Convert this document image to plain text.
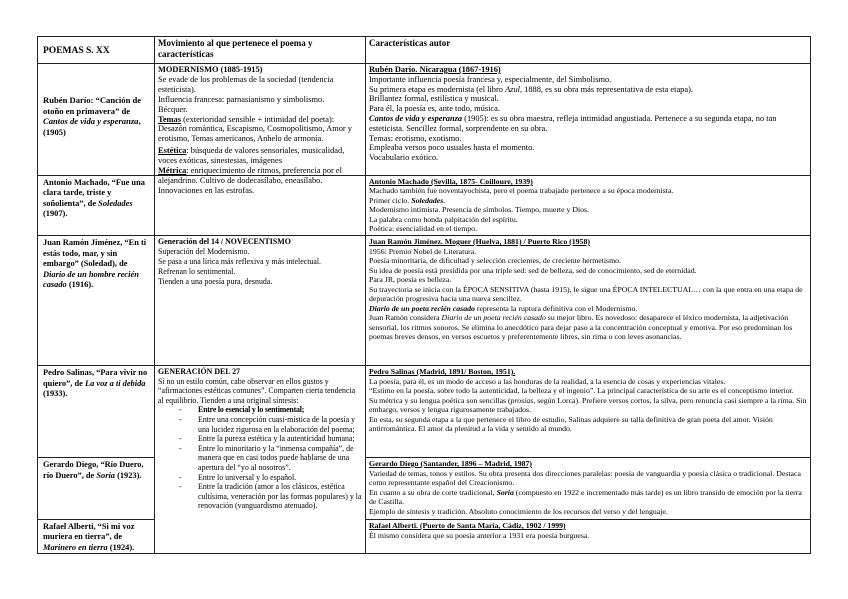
POEMAS S. XX
Movimiento al que pertenece el poema y características
Características autor
Rubén Darío: “Canción de otoño en primavera” de Cantos de vida y esperanza, (1905)
MODERNISMO (1885-1915)
Se evade de los problemas de la sociedad (tendencia esteticista).
Influencia francesa: parnasianismo y simbolismo.
Bécquer.
Temas (exterioridad sensible + intimidad del poeta):
Desazón romántica, Escapismo, Cosmopolitismo, Amor y erotismo, Temas americanos, Anhelo de armonía.
Estética: búsqueda de valores sensoriales, musicalidad, voces exóticas, sinestesias, imágenes
Métrica: enriquecimiento de ritmos, preferencia por el alejandrino. Cultivo de dodecasílabo, eneasílabo. Innovaciones en las estrofas.
Rubén Darío. Nicaragua (1867-1916)
Importante influencia poesía francesa y, especialmente, del Simbolismo.
Su primera etapa es modernista (el libro Azul, 1888, es su obra más representativa de esta etapa).
Brillantez formal, estilística y musical.
Para él, la poesía es, ante todo, música.
Cantos de vida y esperanza (1905): es su obra maestra, refleja intimidad angustiada. Pertenece a su segunda etapa, no tan esteticista. Sencillez formal, sorprendente en su obra.
Temas: erotismo, exotismo.
Empleaba versos poco usuales hasta el momento.
Vocabulario exótico.
Antonio Machado, “Fue una clara tarde, triste y soñolienta”, de Soledades (1907).
Antonio Machado (Sevilla, 1875- Coilloure, 1939)
Machado también fue noventayochista, pero el poema trabajado pertenece a su época modernista.
Primer ciclo. Soledades.
Modernismo intimista. Presencia de símbolos. Tiempo, muerte y Dios.
La palabra como honda palpitación del espíritu.
Poética: esencialidad en el tiempo.
Juan Ramón Jiménez, “En ti estás todo, mar, y sin embargo” (Soledad), de Diario de un hombre recién casado (1916).
Generación del 14 / NOVECENTISMO
Superación del Modernismo.
Se pasa a una lírica más reflexiva y más intelectual.
Refrenan lo sentimental.
Tienden a una poesía pura, desnuda.
Juan Ramón Jiménez. Moguer (Huelva, 1881) / Puerto Rico (1958)
1956: Premio Nobel de Literatura.
Poesía minoritaria, de dificultad y selección crecientes, de creciente hermetismo.
Su idea de poesía está presidida por una triple sed: sed de belleza, sed de conocimiento, sed de eternidad.
Para JR, poesía es belleza.
Su trayectoria se inicia con la ÉPOCA SENSITIVA (hasta 1915), le sigue una ÉPOCA INTELECTUAL… con la que entra en una etapa de depuración progresiva hacia una nueva sencillez.
Diario de un poeta recién casado representa la ruptura definitiva con el Modernismo.
Juan Ramón considera Diario de un poeta recién casado su mejor libro. Es novedoso: desaparece el léxico modernista, la adjetivación sensorial, los ritmos sonoros. Se elimina lo anecdótico para dejar paso a la concentración conceptual y emotiva. Por eso predominan los poemas breves densos, en versos escuetos y preferentemente libres, sin rima o con leves asonancias.
Pedro Salinas, “Para vivir no quiero”, de La voz a ti debida (1933).
GENERACIÓN DEL 27
Sí no un estilo común, cabe observar en ellos gustos y “afirmaciones estéticas comunes”. Comparten cierta tendencia al equilibrio. Tienden a una original síntesis:
- Entre lo esencial y lo sentimental;
- Entre una concepción cuasi-mística de la poesía y una lucidez rigurosa en la elaboración del poema;
- Entre la pureza estética y la autenticidad humana;
- Entre lo minoritario y la “inmensa compañía”, de manera que en casi todos puede hablarse de una apertura del “yo al nosotros”.
- Entre lo universal y lo español.
- Entre la tradición (amor a los clásicos, estética cultísima, veneración por las formas populares) y la renovación (vanguardismo atenuado).
Pedro Salinas (Madrid, 1891/ Boston, 1951).
La poesía, para él, es un modo de acceso a las honduras de la realidad, a la esencia de cosas y experiencias vitales.
“Estimo en la poesía, sobre todo la autenticidad, la belleza y el ingenio”. La principal característica de su arte es el conceptismo interior.
Su métrica y su lengua poética son sencillas (prosías, según Lorca). Prefiere versos cortos, la silva, pero renuncia casi siempre a la rima. Sin embargo, versos y lengua rigurosamente trabajados.
En esta, su segunda etapa a la que pertenece el libro de estudio, Salinas adquiere su talla definitiva de gran poeta del amor. Visión antirromántica. El amor da plenitud a la vida y sentido al mundo.
Gerardo Diego, “Río Duero, río Duero”, de Soria (1923).
Gerardo Diego (Santander, 1896 – Madrid, 1987)
Variedad de temas, tonos y estilos. Su obra presenta dos direcciones paralelas: poesía de vanguardia y poesía clásica o tradicional. Destaca como representante español del Creacionismo.
En cuanto a su obra de corte tradicional, Soria (compuesto en 1922 e incrementado más tarde) es un libro transido de emoción por la tierra de Castilla.
Ejemplo de síntesis y tradición. Absoluto conocimiento de los recursos del verso y del lenguaje.
Rafael Alberti, “Si mi voz muriera en tierra”, de Marinero en tierra (1924).
Rafael Alberti. (Puerto de Santa María, Cádiz, 1902 / 1999)
Él mismo considera que su poesía anterior a 1931 era poesía burguesa.
